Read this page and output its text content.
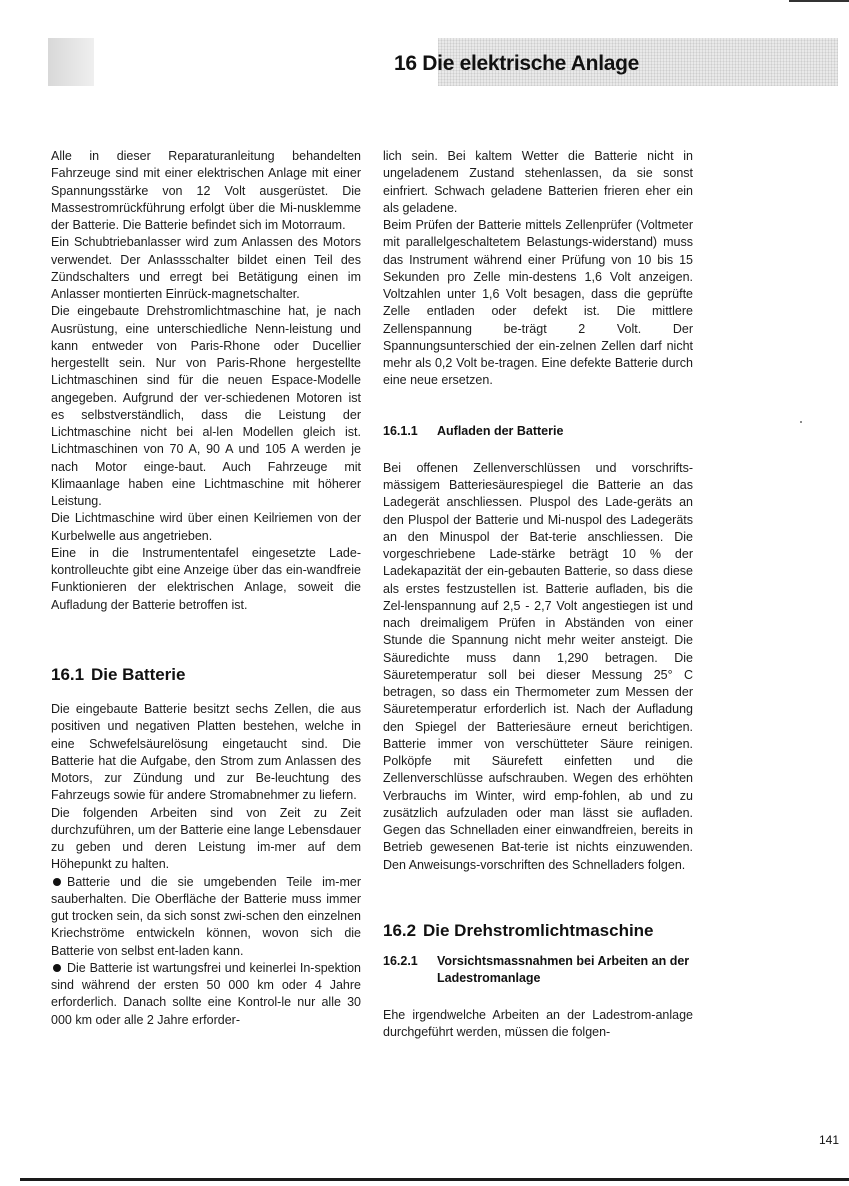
16 Die elektrische Anlage

Alle in dieser Reparaturanleitung behandelten Fahrzeuge sind mit einer elektrischen Anlage mit einer Spannungsstärke von 12 Volt ausgerüstet. Die Massestromrückführung erfolgt über die Mi-nusklemme der Batterie. Die Batterie befindet sich im Motorraum.

Ein Schubtriebanlasser wird zum Anlassen des Motors verwendet. Der Anlassschalter bildet einen Teil des Zündschalters und erregt bei Betätigung einen im Anlasser montierten Einrück-magnetschalter.

Die eingebaute Drehstromlichtmaschine hat, je nach Ausrüstung, eine unterschiedliche Nenn-leistung und kann entweder von Paris-Rhone oder Ducellier hergestellt sein. Nur von Paris-Rhone hergestellte Lichtmaschinen sind für die neuen Espace-Modelle angegeben. Aufgrund der ver-schiedenen Motoren ist es selbstverständlich, dass die Leistung der Lichtmaschine nicht bei al-len Modellen gleich ist. Lichtmaschinen von 70 A, 90 A und 105 A werden je nach Motor einge-baut. Auch Fahrzeuge mit Klimaanlage haben eine Lichtmaschine mit höherer Leistung.

Die Lichtmaschine wird über einen Keilriemen von der Kurbelwelle aus angetrieben.

Eine in die Instrumententafel eingesetzte Lade-kontrolleuchte gibt eine Anzeige über das ein-wandfreie Funktionieren der elektrischen Anlage, soweit die Aufladung der Batterie betroffen ist.

16.1 Die Batterie

Die eingebaute Batterie besitzt sechs Zellen, die aus positiven und negativen Platten bestehen, welche in eine Schwefelsäurelösung eingetaucht sind. Die Batterie hat die Aufgabe, den Strom zum Anlassen des Motors, zur Zündung und zur Be-leuchtung des Fahrzeugs sowie für andere Stromabnehmer zu liefern.

Die folgenden Arbeiten sind von Zeit zu Zeit durchzuführen, um der Batterie eine lange Lebensdauer zu geben und deren Leistung im-mer auf dem Höhepunkt zu halten.

Batterie und die sie umgebenden Teile im-mer sauberhalten. Die Oberfläche der Batterie muss immer gut trocken sein, da sich sonst zwi-schen den einzelnen Kriechströme entwickeln können, wovon sich die Batterie von selbst ent-laden kann.

Die Batterie ist wartungsfrei und keinerlei In-spektion sind während der ersten 50 000 km oder 4 Jahre erforderlich. Danach sollte eine Kontrol-le nur alle 30 000 km oder alle 2 Jahre erforder-

lich sein. Bei kaltem Wetter die Batterie nicht in ungeladenem Zustand stehenlassen, da sie sonst einfriert. Schwach geladene Batterien frieren eher ein als geladene.

Beim Prüfen der Batterie mittels Zellenprüfer (Voltmeter mit parallelgeschaltetem Belastungs-widerstand) muss das Instrument während einer Prüfung von 10 bis 15 Sekunden pro Zelle min-destens 1,6 Volt anzeigen. Voltzahlen unter 1,6 Volt besagen, dass die geprüfte Zelle entladen oder defekt ist. Die mittlere Zellenspannung be-trägt 2 Volt. Der Spannungsunterschied der ein-zelnen Zellen darf nicht mehr als 0,2 Volt be-tragen. Eine defekte Batterie durch eine neue ersetzen.

16.1.1	Aufladen der Batterie

Bei offenen Zellenverschlüssen und vorschrifts-mässigem Batteriesäurespiegel die Batterie an das Ladegerät anschliessen. Pluspol des Lade-geräts an den Pluspol der Batterie und Mi-nuspol des Ladegeräts an den Minuspol der Bat-terie anschliessen. Die vorgeschriebene Lade-stärke beträgt 10 % der Ladekapazität der ein-gebauten Batterie, so dass diese als erstes festzustellen ist. Batterie aufladen, bis die Zel-lenspannung auf 2,5 - 2,7 Volt angestiegen ist und nach dreimaligem Prüfen in Abständen von einer Stunde die Spannung nicht mehr weiter ansteigt. Die Säuredichte muss dann 1,290 betragen. Die Säuretemperatur soll bei dieser Messung 25° C betragen, so dass ein Thermometer zum Messen der Säuretemperatur erforderlich ist. Nach der Aufladung den Spiegel der Batteriesäure erneut berichtigen. Batterie immer von verschütteter Säure reinigen. Polköpfe mit Säurefett einfetten und die Zellenverschlüsse aufschrauben. Wegen des erhöhten Verbrauchs im Winter, wird emp-fohlen, ab und zu zusätzlich aufzuladen oder man lässt sie aufladen. Gegen das Schnelladen einer einwandfreien, bereits in Betrieb gewesenen Bat-terie ist nichts einzuwenden. Den Anweisungs-vorschriften des Schnelladers folgen.

16.2 Die Drehstromlichtmaschine
16.2.1	Vorsichtsmassnahmen bei Arbeiten an der Ladestromanlage

Ehe irgendwelche Arbeiten an der Ladestrom-anlage durchgeführt werden, müssen die folgen-

141
